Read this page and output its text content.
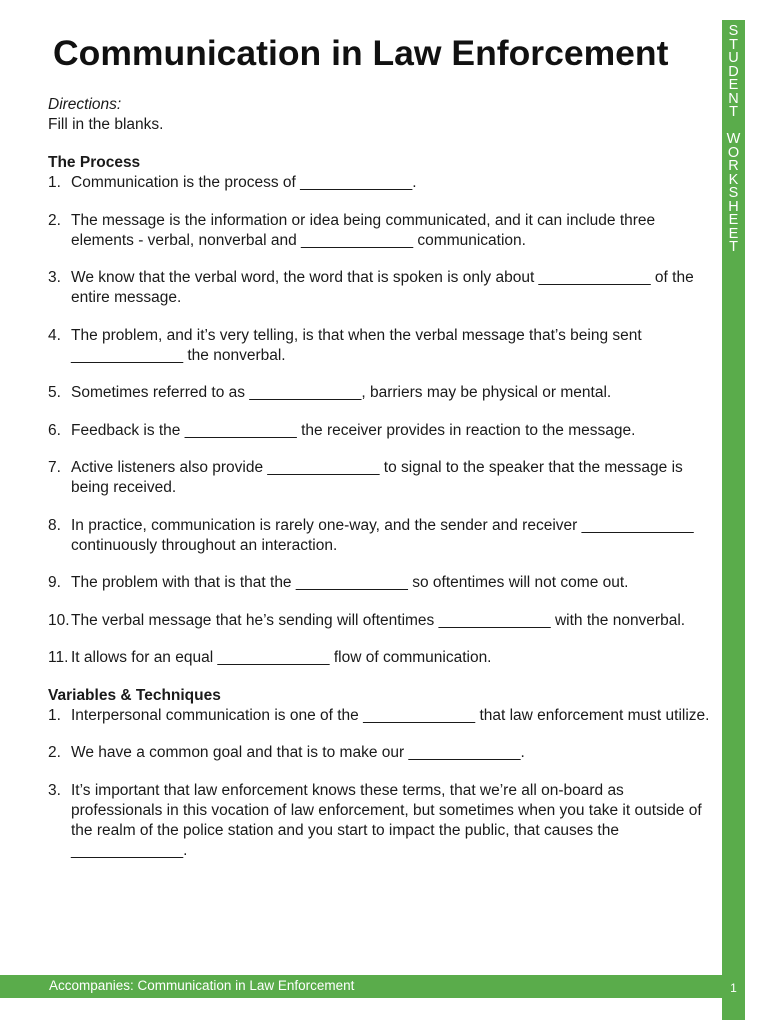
Communication in Law Enforcement
S
T
U
D
E
N
T
W
O
R
K
S
H
E
E
T
Directions:
Fill in the blanks.
The Process
1. Communication is the process of _____________.
2. The message is the information or idea being communicated, and it can include three elements - verbal, nonverbal and _____________ communication.
3. We know that the verbal word, the word that is spoken is only about _____________ of the entire message.
4. The problem, and it’s very telling, is that when the verbal message that’s being sent _____________ the nonverbal.
5. Sometimes referred to as _____________, barriers may be physical or mental.
6. Feedback is the _____________ the receiver provides in reaction to the message.
7. Active listeners also provide _____________ to signal to the speaker that the message is being received.
8. In practice, communication is rarely one-way, and the sender and receiver _____________ continuously throughout an interaction.
9. The problem with that is that the _____________ so oftentimes will not come out.
10. The verbal message that he’s sending will oftentimes _____________ with the nonverbal.
11. It allows for an equal _____________ flow of communication.
Variables & Techniques
1. Interpersonal communication is one of the _____________ that law enforcement must utilize.
2. We have a common goal and that is to make our _____________.
3. It’s important that law enforcement knows these terms, that we’re all on-board as professionals in this vocation of law enforcement, but sometimes when you take it outside of the realm of the police station and you start to impact the public, that causes the _____________.
Accompanies: Communication in Law Enforcement	1
